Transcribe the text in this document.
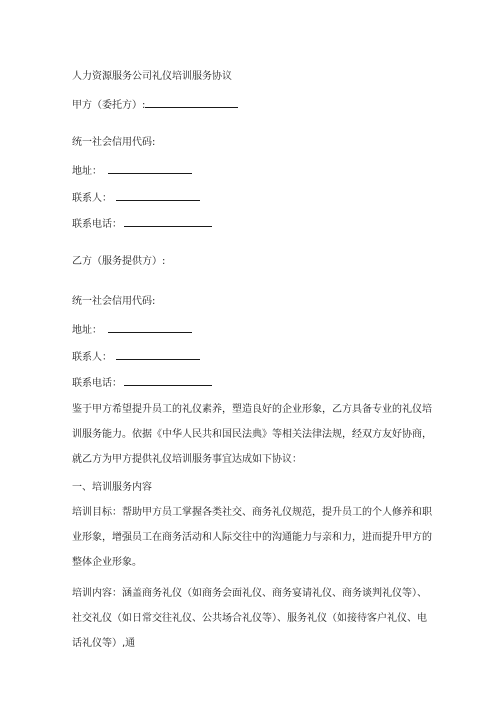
人力资源服务公司礼仪培训服务协议
甲方（委托方）:
统一社会信用代码:
地址：
联系人：
联系电话：
乙方（服务提供方）:
统一社会信用代码:
地址：
联系人：
联系电话：
鉴于甲方希望提升员工的礼仪素养，塑造良好的企业形象，乙方具备专业的礼仪培训服务能力。依据《中华人民共和国民法典》等相关法律法规，经双方友好协商，就乙方为甲方提供礼仪培训服务事宜达成如下协议：
一、培训服务内容
培训目标：帮助甲方员工掌握各类社交、商务礼仪规范，提升员工的个人修养和职业形象，增强员工在商务活动和人际交往中的沟通能力与亲和力，进而提升甲方的整体企业形象。
培训内容：涵盖商务礼仪（如商务会面礼仪、商务宴请礼仪、商务谈判礼仪等）、社交礼仪（如日常交往礼仪、公共场合礼仪等）、服务礼仪（如接待客户礼仪、电话礼仪等）,通
